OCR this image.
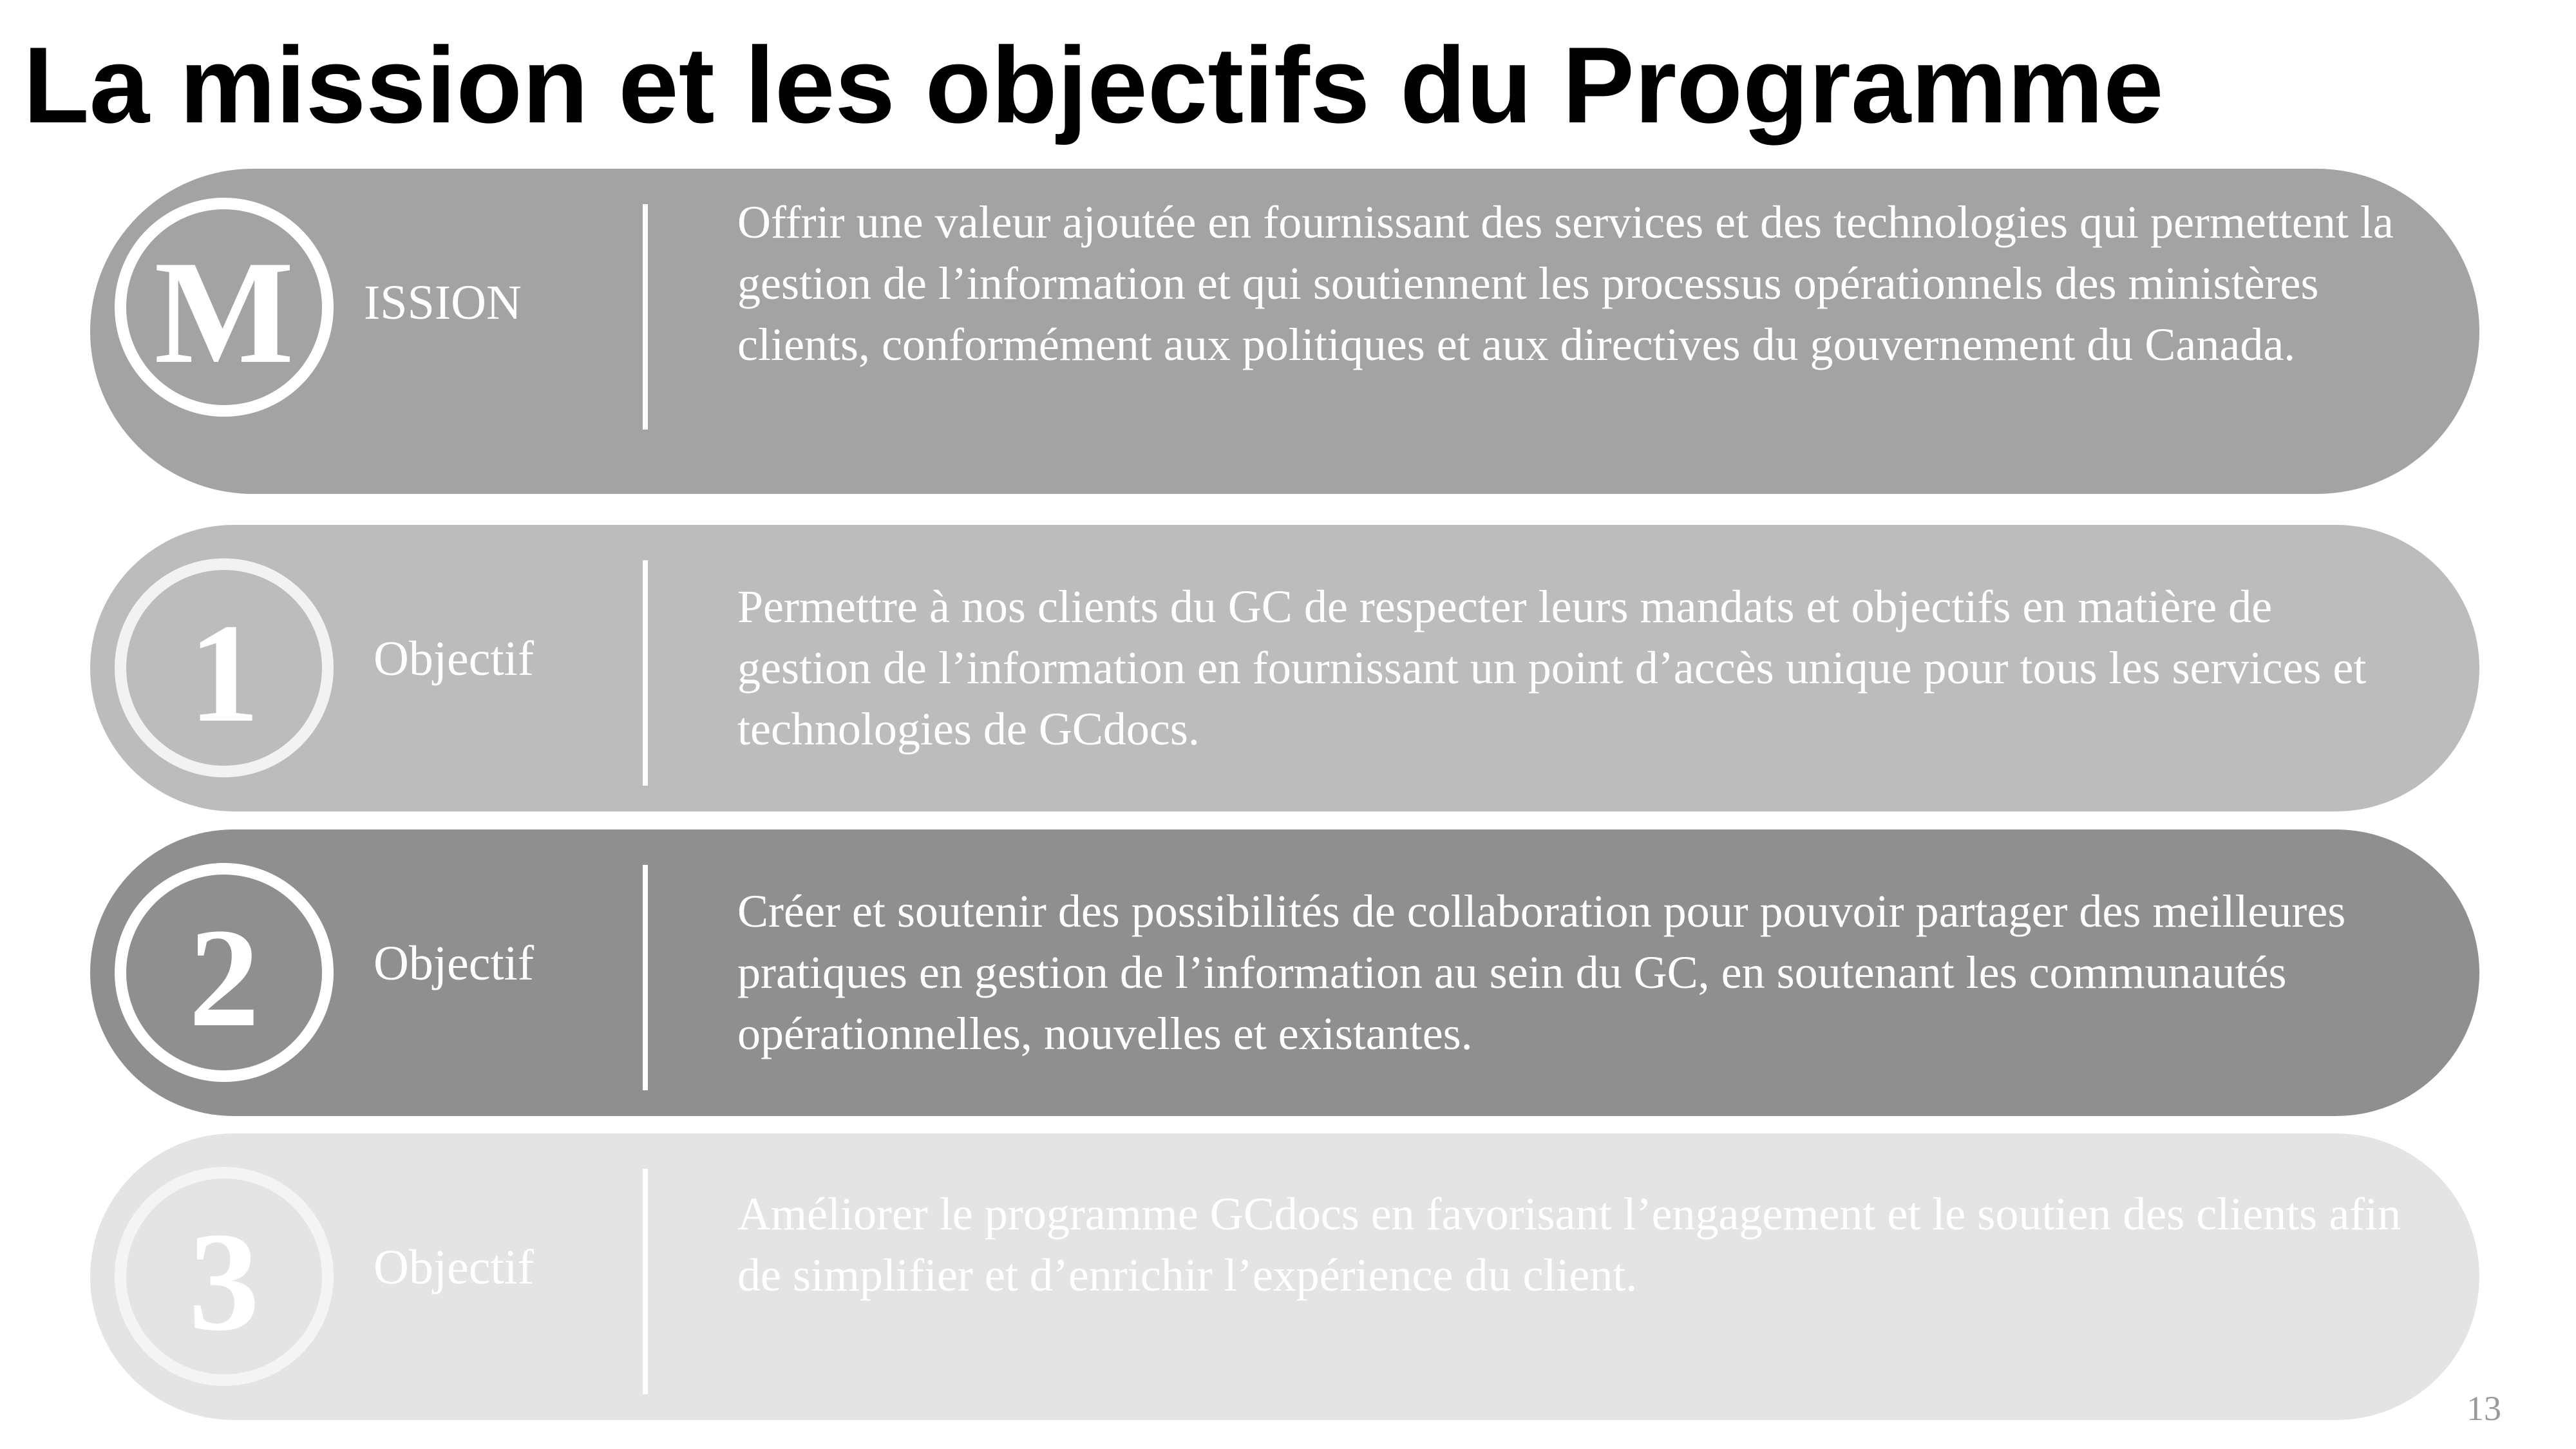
La mission et les objectifs du Programme
M ISSION

Offrir une valeur ajoutée en fournissant des services et des technologies qui permettent la gestion de l’information et qui soutiennent les processus opérationnels des ministères clients, conformément aux politiques et aux directives du gouvernement du Canada.

1 Objectif

Permettre à nos clients du GC de respecter leurs mandats et objectifs en matière de gestion de l’information en fournissant un point d’accès unique pour tous les services et technologies de GCdocs.

2 Objectif

Créer et soutenir des possibilités de collaboration pour pouvoir partager des meilleures pratiques en gestion de l’information au sein du GC, en soutenant les communautés opérationnelles, nouvelles et existantes.

3 Objectif

Améliorer le programme GCdocs en favorisant l’engagement et le soutien des clients afin de simplifier et d’enrichir l’expérience du client.

13
